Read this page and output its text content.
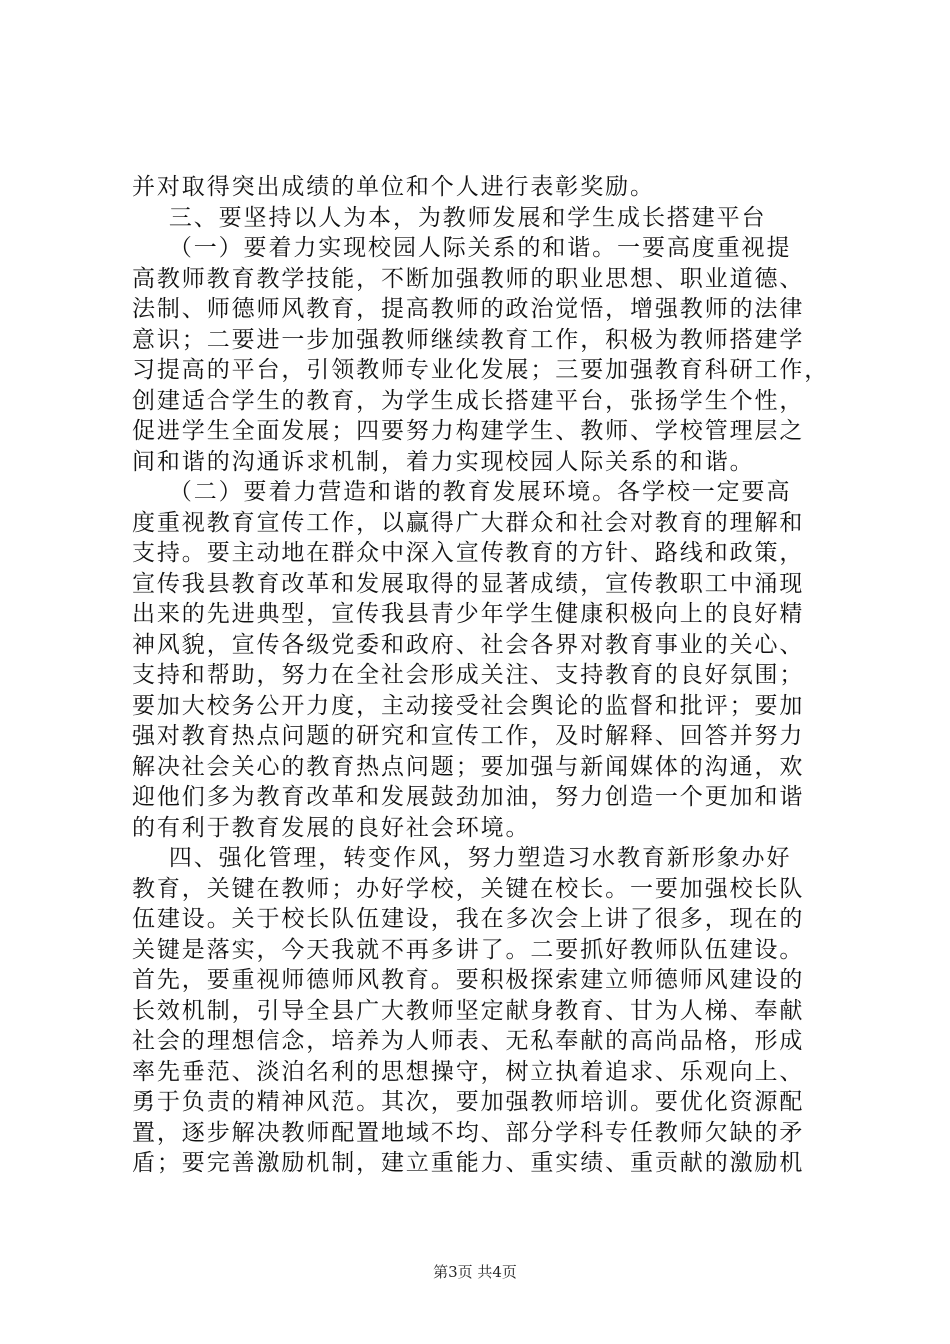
并对取得突出成绩的单位和个人进行表彰奖励。
三、要坚持以人为本，为教师发展和学生成长搭建平台
（一）要着力实现校园人际关系的和谐。一要高度重视提
高教师教育教学技能，不断加强教师的职业思想、职业道德、
法制、师德师风教育，提高教师的政治觉悟，增强教师的法律
意识；二要进一步加强教师继续教育工作，积极为教师搭建学
习提高的平台，引领教师专业化发展；三要加强教育科研工作，
创建适合学生的教育，为学生成长搭建平台，张扬学生个性，
促进学生全面发展；四要努力构建学生、教师、学校管理层之
间和谐的沟通诉求机制，着力实现校园人际关系的和谐。
（二）要着力营造和谐的教育发展环境。各学校一定要高
度重视教育宣传工作，以赢得广大群众和社会对教育的理解和
支持。要主动地在群众中深入宣传教育的方针、路线和政策，
宣传我县教育改革和发展取得的显著成绩，宣传教职工中涌现
出来的先进典型，宣传我县青少年学生健康积极向上的良好精
神风貌，宣传各级党委和政府、社会各界对教育事业的关心、
支持和帮助，努力在全社会形成关注、支持教育的良好氛围；
要加大校务公开力度，主动接受社会舆论的监督和批评；要加
强对教育热点问题的研究和宣传工作，及时解释、回答并努力
解决社会关心的教育热点问题；要加强与新闻媒体的沟通，欢
迎他们多为教育改革和发展鼓劲加油，努力创造一个更加和谐
的有利于教育发展的良好社会环境。
四、强化管理，转变作风，努力塑造习水教育新形象办好
教育，关键在教师；办好学校，关键在校长。一要加强校长队
伍建设。关于校长队伍建设，我在多次会上讲了很多，现在的
关键是落实，今天我就不再多讲了。二要抓好教师队伍建设。
首先，要重视师德师风教育。要积极探索建立师德师风建设的
长效机制，引导全县广大教师坚定献身教育、甘为人梯、奉献
社会的理想信念，培养为人师表、无私奉献的高尚品格，形成
率先垂范、淡泊名利的思想操守，树立执着追求、乐观向上、
勇于负责的精神风范。其次，要加强教师培训。要优化资源配
置，逐步解决教师配置地域不均、部分学科专任教师欠缺的矛
盾；要完善激励机制，建立重能力、重实绩、重贡献的激励机
第3页 共4页
